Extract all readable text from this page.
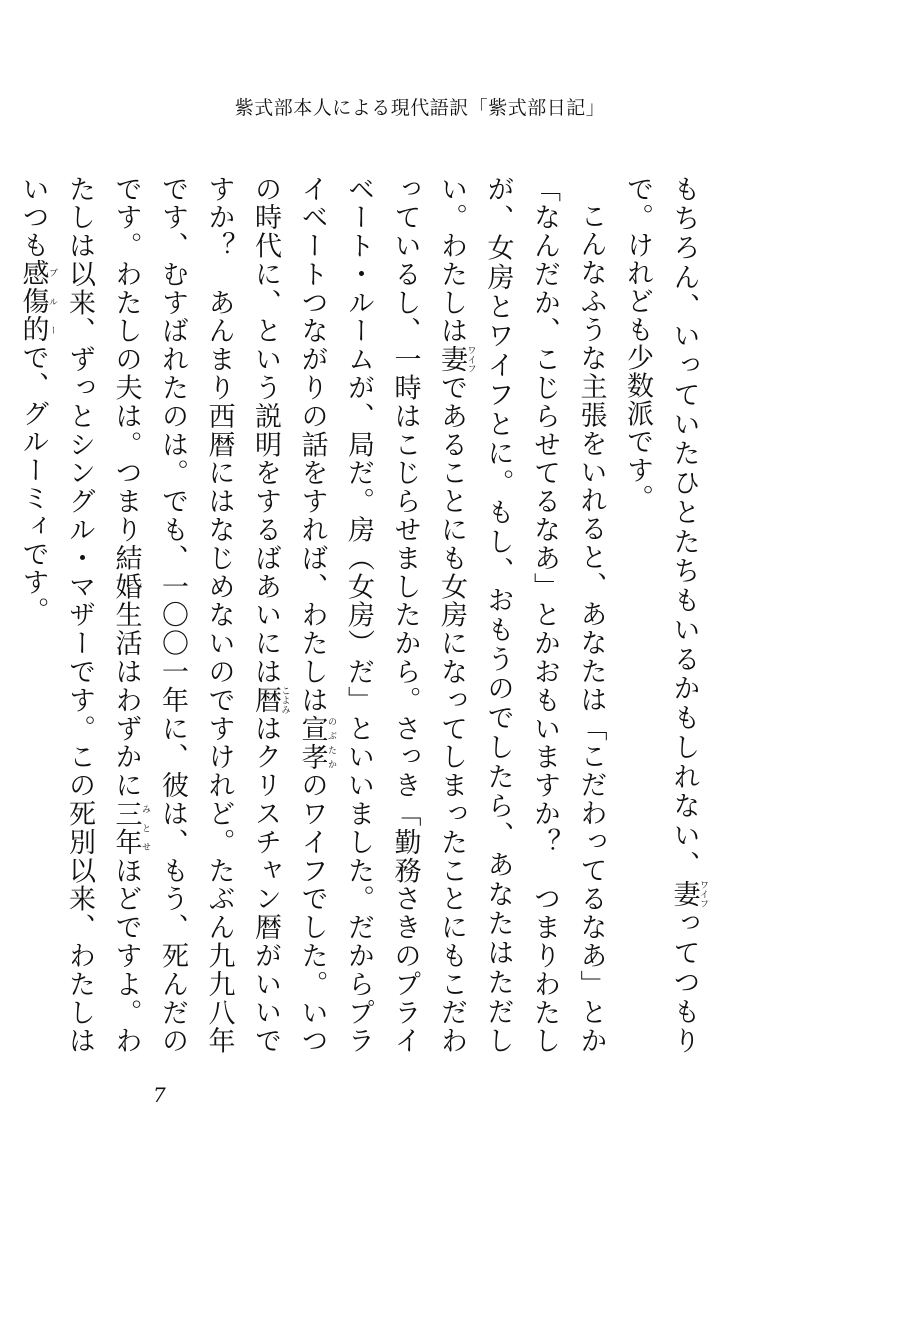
紫式部本人による現代語訳「紫式部日記」

もちろん、いっていたひとたちもいるかもしれない、妻ワイフってつもりで。けれども少数派です。

こんなふうな主張をいれると、あなたは「こだわってるなあ」とか「なんだか、こじらせてるなあ」とかおもいますか？　つまりわたしが、女房とワイフとに。もし、おもうのでしたら、あなたはただしい。わたしは妻ワイフであることにも女房になってしまったことにもこだわっているし、一時はこじらせましたから。さっき「勤務さきのプライベート・ルームが、局だ。房（女房）だ」といいました。だからプライベートつながりの話をすれば、わたしは宣孝のぶたかのワイフでした。いつの時代に、という説明をするばあいには暦こよみはクリスチャン暦がいいですか？　あんまり西暦にはなじめないのですけれど。たぶん九九八年です、むすばれたのは。でも、一〇〇一年に、彼は、もう、死んだのです。わたしの夫は。つまり結婚生活はわずかに三年みとせほどですよ。わたしは以来、ずっとシングル・マザーです。この死別以来、わたしはいつも感傷的ブルーで、グルーミィです。

7
